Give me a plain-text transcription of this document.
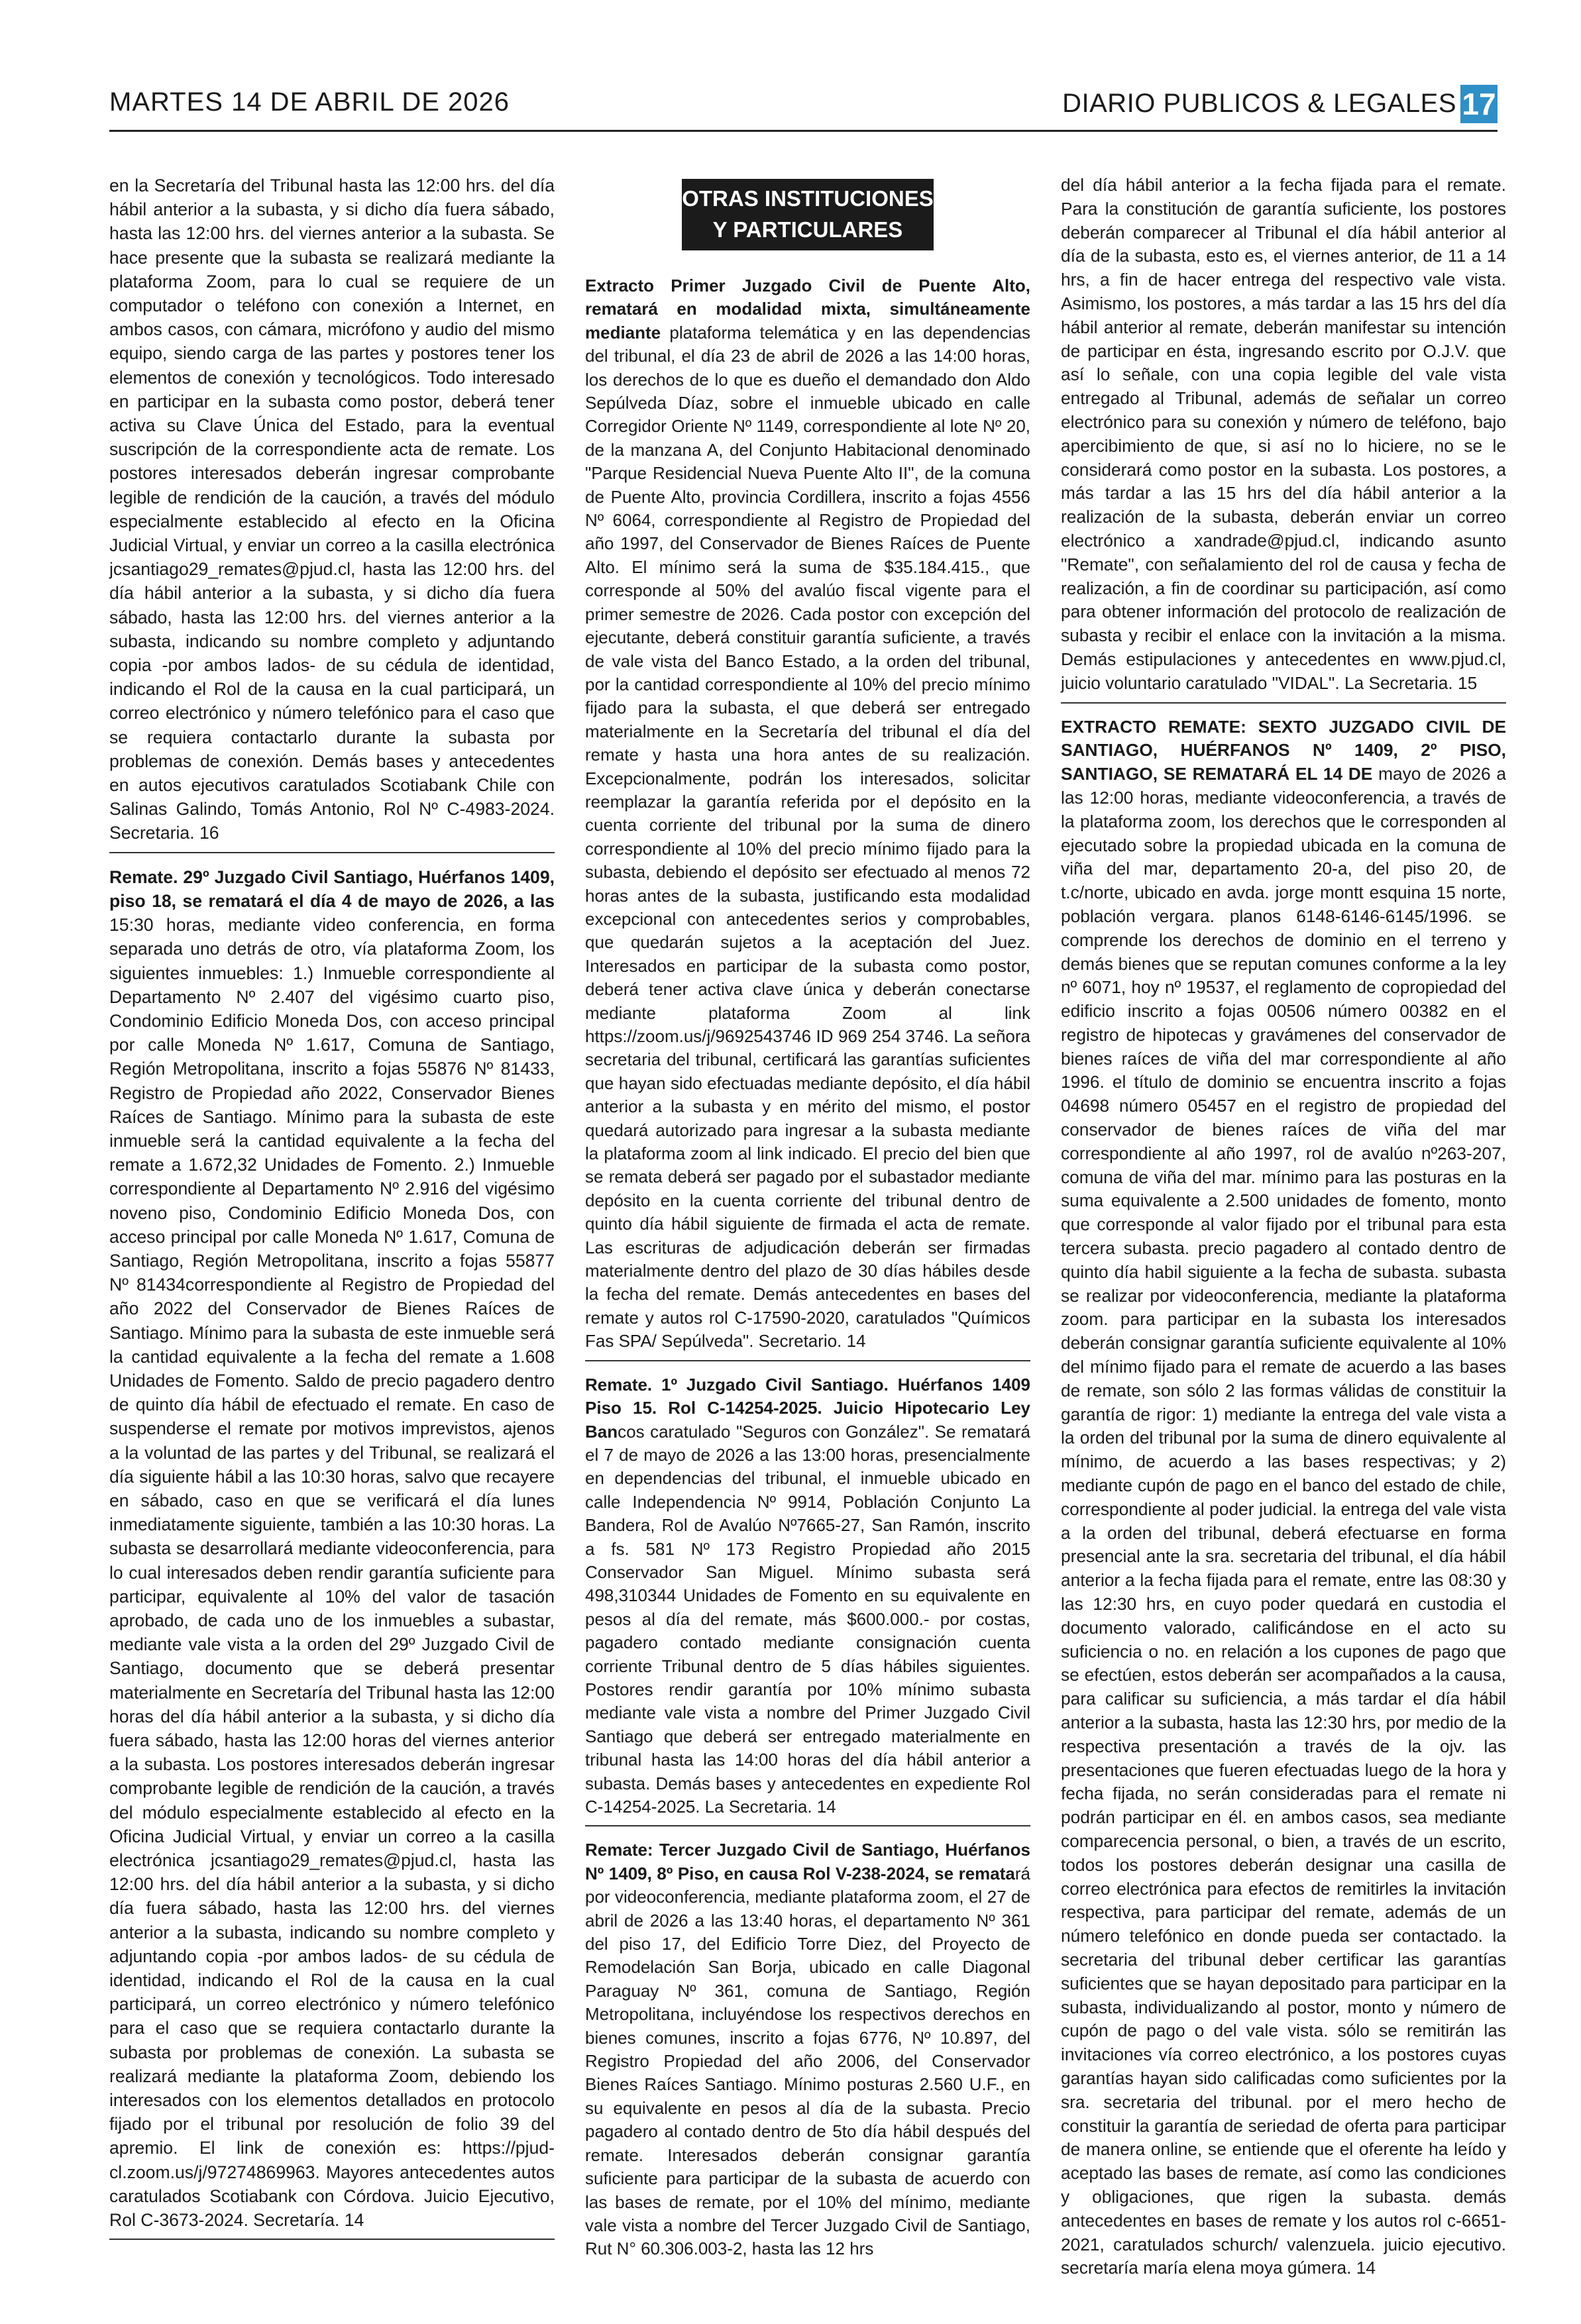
MARTES 14 DE ABRIL DE 2026	DIARIO PUBLICOS & LEGALES 17

en la Secretaría del Tribunal hasta las 12:00 hrs. del día hábil anterior a la subasta, y si dicho día fuera sábado, hasta las 12:00 hrs. del viernes anterior a la subasta. Se hace presente que la subasta se realizará mediante la plataforma Zoom, para lo cual se requiere de un computador o teléfono con conexión a Internet, en ambos casos, con cámara, micrófono y audio del mismo equipo, siendo carga de las partes y postores tener los elementos de conexión y tecnológicos. Todo interesado en participar en la subasta como postor, deberá tener activa su Clave Única del Estado, para la eventual suscripción de la correspondiente acta de remate. Los postores interesados deberán ingresar comprobante legible de rendición de la caución, a través del módulo especialmente establecido al efecto en la Oficina Judicial Virtual, y enviar un correo a la casilla electrónica jcsantiago29_remates@pjud.cl, hasta las 12:00 hrs. del día hábil anterior a la subasta, y si dicho día fuera sábado, hasta las 12:00 hrs. del viernes anterior a la subasta, indicando su nombre completo y adjuntando copia -por ambos lados- de su cédula de identidad, indicando el Rol de la causa en la cual participará, un correo electrónico y número telefónico para el caso que se requiera contactarlo durante la subasta por problemas de conexión. Demás bases y antecedentes en autos ejecutivos caratulados Scotiabank Chile con Salinas Galindo, Tomás Antonio, Rol Nº C-4983-2024. Secretaria. 16

Remate. 29º Juzgado Civil Santiago, Huérfanos 1409, piso 18, se rematará el día 4 de mayo de 2026, a las 15:30 horas, mediante video conferencia, en forma separada uno detrás de otro, vía plataforma Zoom, los siguientes inmuebles: 1.) Inmueble correspondiente al Departamento Nº 2.407 del vigésimo cuarto piso, Condominio Edificio Moneda Dos, con acceso principal por calle Moneda Nº 1.617, Comuna de Santiago, Región Metropolitana, inscrito a fojas 55876 Nº 81433, Registro de Propiedad año 2022, Conservador Bienes Raíces de Santiago. Mínimo para la subasta de este inmueble será la cantidad equivalente a la fecha del remate a 1.672,32 Unidades de Fomento. 2.) Inmueble correspondiente al Departamento Nº 2.916 del vigésimo noveno piso, Condominio Edificio Moneda Dos, con acceso principal por calle Moneda Nº 1.617, Comuna de Santiago, Región Metropolitana, inscrito a fojas 55877 Nº 81434correspondiente al Registro de Propiedad del año 2022 del Conservador de Bienes Raíces de Santiago. Mínimo para la subasta de este inmueble será la cantidad equivalente a la fecha del remate a 1.608 Unidades de Fomento. Saldo de precio pagadero dentro de quinto día hábil de efectuado el remate. En caso de suspenderse el remate por motivos imprevistos, ajenos a la voluntad de las partes y del Tribunal, se realizará el día siguiente hábil a las 10:30 horas, salvo que recayere en sábado, caso en que se verificará el día lunes inmediatamente siguiente, también a las 10:30 horas. La subasta se desarrollará mediante videoconferencia, para lo cual interesados deben rendir garantía suficiente para participar, equivalente al 10% del valor de tasación aprobado, de cada uno de los inmuebles a subastar, mediante vale vista a la orden del 29º Juzgado Civil de Santiago, documento que se deberá presentar materialmente en Secretaría del Tribunal hasta las 12:00 horas del día hábil anterior a la subasta, y si dicho día fuera sábado, hasta las 12:00 horas del viernes anterior a la subasta. Los postores interesados deberán ingresar comprobante legible de rendición de la caución, a través del módulo especialmente establecido al efecto en la Oficina Judicial Virtual, y enviar un correo a la casilla electrónica jcsantiago29_remates@pjud.cl, hasta las 12:00 hrs. del día hábil anterior a la subasta, y si dicho día fuera sábado, hasta las 12:00 hrs. del viernes anterior a la subasta, indicando su nombre completo y adjuntando copia -por ambos lados- de su cédula de identidad, indicando el Rol de la causa en la cual participará, un correo electrónico y número telefónico para el caso que se requiera contactarlo durante la subasta por problemas de conexión. La subasta se realizará mediante la plataforma Zoom, debiendo los interesados con los elementos detallados en protocolo fijado por el tribunal por resolución de folio 39 del apremio. El link de conexión es: https://pjud-cl.zoom.us/j/97274869963. Mayores antecedentes autos caratulados Scotiabank con Córdova. Juicio Ejecutivo, Rol C-3673-2024. Secretaría. 14

OTRAS INSTITUCIONES
Y PARTICULARES

Extracto Primer Juzgado Civil de Puente Alto, rematará en modalidad mixta, simultáneamente mediante plataforma telemática y en las dependencias del tribunal, el día 23 de abril de 2026 a las 14:00 horas, los derechos de lo que es dueño el demandado don Aldo Sepúlveda Díaz, sobre el inmueble ubicado en calle Corregidor Oriente Nº 1149, correspondiente al lote Nº 20, de la manzana A, del Conjunto Habitacional denominado "Parque Residencial Nueva Puente Alto II", de la comuna de Puente Alto, provincia Cordillera, inscrito a fojas 4556 Nº 6064, correspondiente al Registro de Propiedad del año 1997, del Conservador de Bienes Raíces de Puente Alto. El mínimo será la suma de $35.184.415., que corresponde al 50% del avalúo fiscal vigente para el primer semestre de 2026. Cada postor con excepción del ejecutante, deberá constituir garantía suficiente, a través de vale vista del Banco Estado, a la orden del tribunal, por la cantidad correspondiente al 10% del precio mínimo fijado para la subasta, el que deberá ser entregado materialmente en la Secretaría del tribunal el día del remate y hasta una hora antes de su realización. Excepcionalmente, podrán los interesados, solicitar reemplazar la garantía referida por el depósito en la cuenta corriente del tribunal por la suma de dinero correspondiente al 10% del precio mínimo fijado para la subasta, debiendo el depósito ser efectuado al menos 72 horas antes de la subasta, justificando esta modalidad excepcional con antecedentes serios y comprobables, que quedarán sujetos a la aceptación del Juez. Interesados en participar de la subasta como postor, deberá tener activa clave única y deberán conectarse mediante plataforma Zoom al link https://zoom.us/j/9692543746 ID 969 254 3746. La señora secretaria del tribunal, certificará las garantías suficientes que hayan sido efectuadas mediante depósito, el día hábil anterior a la subasta y en mérito del mismo, el postor quedará autorizado para ingresar a la subasta mediante la plataforma zoom al link indicado. El precio del bien que se remata deberá ser pagado por el subastador mediante depósito en la cuenta corriente del tribunal dentro de quinto día hábil siguiente de firmada el acta de remate. Las escrituras de adjudicación deberán ser firmadas materialmente dentro del plazo de 30 días hábiles desde la fecha del remate. Demás antecedentes en bases del remate y autos rol C-17590-2020, caratulados "Químicos Fas SPA/ Sepúlveda". Secretario. 14

Remate. 1º Juzgado Civil Santiago. Huérfanos 1409 Piso 15. Rol C-14254-2025. Juicio Hipotecario Ley Bancos caratulado "Seguros con González". Se rematará el 7 de mayo de 2026 a las 13:00 horas, presencialmente en dependencias del tribunal, el inmueble ubicado en calle Independencia Nº 9914, Población Conjunto La Bandera, Rol de Avalúo Nº7665-27, San Ramón, inscrito a fs. 581 Nº 173 Registro Propiedad año 2015 Conservador San Miguel. Mínimo subasta será 498,310344 Unidades de Fomento en su equivalente en pesos al día del remate, más $600.000.- por costas, pagadero contado mediante consignación cuenta corriente Tribunal dentro de 5 días hábiles siguientes. Postores rendir garantía por 10% mínimo subasta mediante vale vista a nombre del Primer Juzgado Civil Santiago que deberá ser entregado materialmente en tribunal hasta las 14:00 horas del día hábil anterior a subasta. Demás bases y antecedentes en expediente Rol C-14254-2025. La Secretaria. 14

Remate: Tercer Juzgado Civil de Santiago, Huérfanos Nº 1409, 8º Piso, en causa Rol V-238-2024, se rematará por videoconferencia, mediante plataforma zoom, el 27 de abril de 2026 a las 13:40 horas, el departamento Nº 361 del piso 17, del Edificio Torre Diez, del Proyecto de Remodelación San Borja, ubicado en calle Diagonal Paraguay Nº 361, comuna de Santiago, Región Metropolitana, incluyéndose los respectivos derechos en bienes comunes, inscrito a fojas 6776, Nº 10.897, del Registro Propiedad del año 2006, del Conservador Bienes Raíces Santiago. Mínimo posturas 2.560 U.F., en su equivalente en pesos al día de la subasta. Precio pagadero al contado dentro de 5to día hábil después del remate. Interesados deberán consignar garantía suficiente para participar de la subasta de acuerdo con las bases de remate, por el 10% del mínimo, mediante vale vista a nombre del Tercer Juzgado Civil de Santiago, Rut N° 60.306.003-2, hasta las 12 hrs

del día hábil anterior a la fecha fijada para el remate. Para la constitución de garantía suficiente, los postores deberán comparecer al Tribunal el día hábil anterior al día de la subasta, esto es, el viernes anterior, de 11 a 14 hrs, a fin de hacer entrega del respectivo vale vista. Asimismo, los postores, a más tardar a las 15 hrs del día hábil anterior al remate, deberán manifestar su intención de participar en ésta, ingresando escrito por O.J.V. que así lo señale, con una copia legible del vale vista entregado al Tribunal, además de señalar un correo electrónico para su conexión y número de teléfono, bajo apercibimiento de que, si así no lo hiciere, no se le considerará como postor en la subasta. Los postores, a más tardar a las 15 hrs del día hábil anterior a la realización de la subasta, deberán enviar un correo electrónico a xandrade@pjud.cl, indicando asunto "Remate", con señalamiento del rol de causa y fecha de realización, a fin de coordinar su participación, así como para obtener información del protocolo de realización de subasta y recibir el enlace con la invitación a la misma. Demás estipulaciones y antecedentes en www.pjud.cl, juicio voluntario caratulado "VIDAL". La Secretaria. 15

EXTRACTO REMATE: SEXTO JUZGADO CIVIL DE SANTIAGO, HUÉRFANOS Nº 1409, 2º PISO, SANTIAGO, SE REMATARÁ EL 14 DE mayo de 2026 a las 12:00 horas, mediante videoconferencia, a través de la plataforma zoom, los derechos que le corresponden al ejecutado sobre la propiedad ubicada en la comuna de viña del mar, departamento 20-a, del piso 20, de t.c/norte, ubicado en avda. jorge montt esquina 15 norte, población vergara. planos 6148-6146-6145/1996. se comprende los derechos de dominio en el terreno y demás bienes que se reputan comunes conforme a la ley nº 6071, hoy nº 19537, el reglamento de copropiedad del edificio inscrito a fojas 00506 número 00382 en el registro de hipotecas y gravámenes del conservador de bienes raíces de viña del mar correspondiente al año 1996. el título de dominio se encuentra inscrito a fojas 04698 número 05457 en el registro de propiedad del conservador de bienes raíces de viña del mar correspondiente al año 1997, rol de avalúo nº263-207, comuna de viña del mar. mínimo para las posturas en la suma equivalente a 2.500 unidades de fomento, monto que corresponde al valor fijado por el tribunal para esta tercera subasta. precio pagadero al contado dentro de quinto día habil siguiente a la fecha de subasta. subasta se realizar por videoconferencia, mediante la plataforma zoom. para participar en la subasta los interesados deberán consignar garantía suficiente equivalente al 10% del mínimo fijado para el remate de acuerdo a las bases de remate, son sólo 2 las formas válidas de constituir la garantía de rigor: 1) mediante la entrega del vale vista a la orden del tribunal por la suma de dinero equivalente al mínimo, de acuerdo a las bases respectivas; y 2) mediante cupón de pago en el banco del estado de chile, correspondiente al poder judicial. la entrega del vale vista a la orden del tribunal, deberá efectuarse en forma presencial ante la sra. secretaria del tribunal, el día hábil anterior a la fecha fijada para el remate, entre las 08:30 y las 12:30 hrs, en cuyo poder quedará en custodia el documento valorado, calificándose en el acto su suficiencia o no. en relación a los cupones de pago que se efectúen, estos deberán ser acompañados a la causa, para calificar su suficiencia, a más tardar el día hábil anterior a la subasta, hasta las 12:30 hrs, por medio de la respectiva presentación a través de la ojv. las presentaciones que fueren efectuadas luego de la hora y fecha fijada, no serán consideradas para el remate ni podrán participar en él. en ambos casos, sea mediante comparecencia personal, o bien, a través de un escrito, todos los postores deberán designar una casilla de correo electrónica para efectos de remitirles la invitación respectiva, para participar del remate, además de un número telefónico en donde pueda ser contactado. la secretaria del tribunal deber certificar las garantías suficientes que se hayan depositado para participar en la subasta, individualizando al postor, monto y número de cupón de pago o del vale vista. sólo se remitirán las invitaciones vía correo electrónico, a los postores cuyas garantías hayan sido calificadas como suficientes por la sra. secretaria del tribunal. por el mero hecho de constituir la garantía de seriedad de oferta para participar de manera online, se entiende que el oferente ha leído y aceptado las bases de remate, así como las condiciones y obligaciones, que rigen la subasta. demás antecedentes en bases de remate y los autos rol c-6651-2021, caratulados schurch/ valenzuela. juicio ejecutivo. secretaría maría elena moya gúmera. 14
